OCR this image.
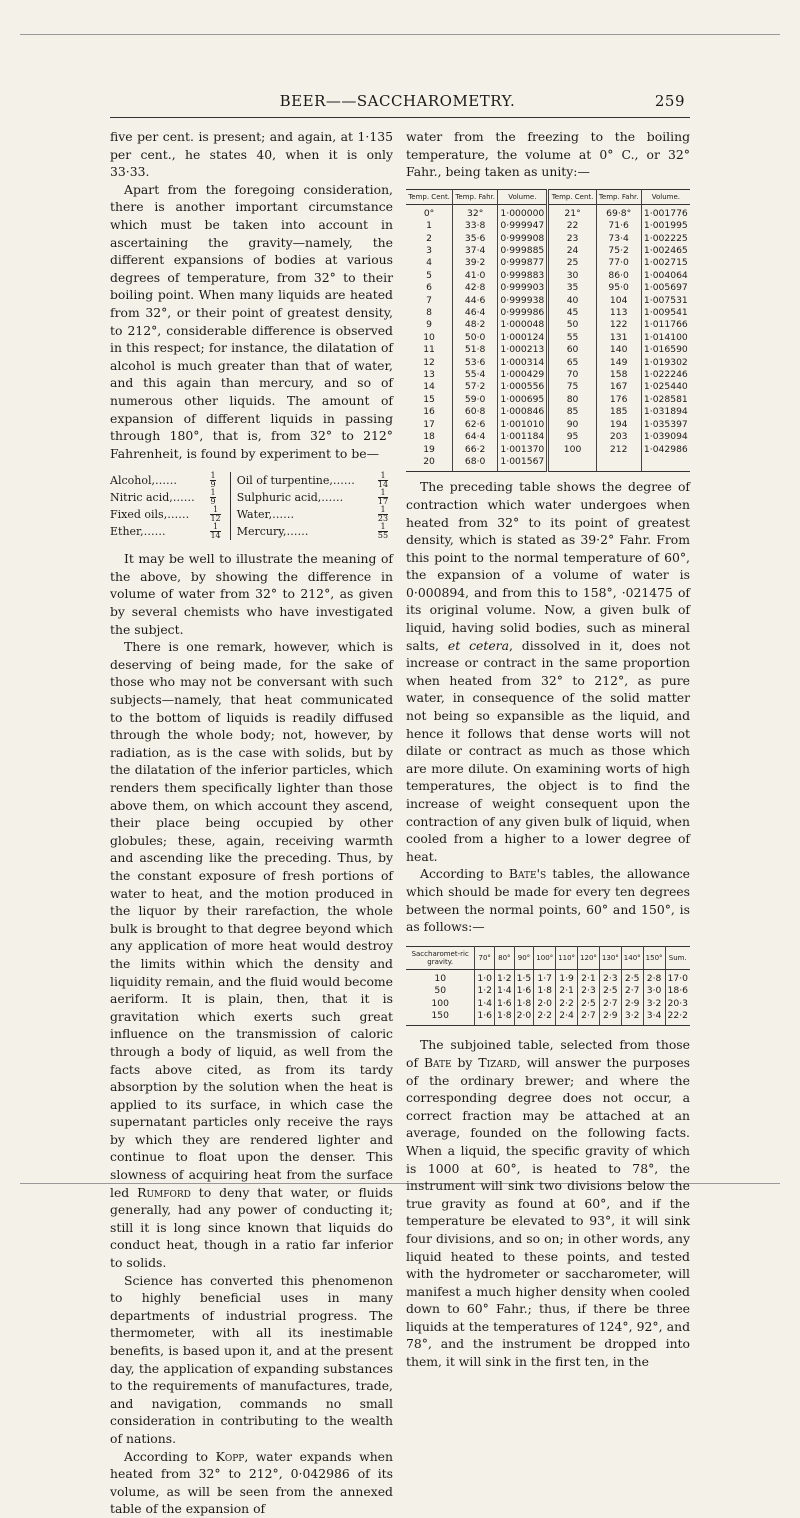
BEER——SACCHAROMETRY.	259

five per cent. is present; and again, at 1·135 per cent., he states 40, when it is only 33·33.

Apart from the foregoing consideration, there is another important circumstance which must be taken into account in ascertaining the gravity—namely, the different expansions of bodies at various degrees of temperature, from 32° to their boiling point. When many liquids are heated from 32°, or their point of greatest density, to 212°, considerable difference is observed in this respect; for instance, the dilatation of alcohol is much greater than that of water, and this again than mercury, and so of numerous other liquids. The amount of expansion of different liquids in passing through 180°, that is, from 32° to 212° Fahrenheit, is found by experiment to be—

Alcohol,……	$\frac{1}{9}$	Oil of turpentine,……	$\frac{1}{14}$

Nitric acid,……	$\frac{1}{9}$	Sulphuric acid,……	$\frac{1}{17}$

Fixed oils,……	$\frac{1}{12}$	Water,……	$\frac{1}{23}$

Ether,……	$\frac{1}{14}$	Mercury,……	$\frac{1}{55}$

It may be well to illustrate the meaning of the above, by showing the difference in volume of water from 32° to 212°, as given by several chemists who have investigated the subject.

There is one remark, however, which is deserving of being made, for the sake of those who may not be conversant with such subjects—namely, that heat communicated to the bottom of liquids is readily diffused through the whole body; not, however, by radiation, as is the case with solids, but by the dilatation of the inferior particles, which renders them specifically lighter than those above them, on which account they ascend, their place being occupied by other globules; these, again, receiving warmth and ascending like the preceding. Thus, by the constant exposure of fresh portions of water to heat, and the motion produced in the liquor by their rarefaction, the whole bulk is brought to that degree beyond which any application of more heat would destroy the limits within which the density and liquidity remain, and the fluid would become aeriform. It is plain, then, that it is gravitation which exerts such great influence on the transmission of caloric through a body of liquid, as well from the facts above cited, as from its tardy absorption by the solution when the heat is applied to its surface, in which case the supernatant particles only receive the rays by which they are rendered lighter and continue to float upon the denser. This slowness of acquiring heat from the surface led Rumford to deny that water, or fluids generally, had any power of conducting it; still it is long since known that liquids do conduct heat, though in a ratio far inferior to solids.

Science has converted this phenomenon to highly beneficial uses in many departments of industrial progress. The thermometer, with all its inestimable benefits, is based upon it, and at the present day, the application of expanding substances to the requirements of manufactures, trade, and navigation, commands no small consideration in contributing to the wealth of nations.

According to Kopp, water expands when heated from 32° to 212°, 0·042986 of its volume, as will be seen from the annexed table of the expansion of

water from the freezing to the boiling temperature, the volume at 0° C., or 32° Fahr., being taken as unity:—

Temp. Cent.	Temp. Fahr.	Volume.	Temp. Cent.	Temp. Fahr.	Volume.
0°	32°	1·000000	21°	69·8°	1·001776
1	33·8	0·999947	22	71·6	1·001995
2	35·6	0·999908	23	73·4	1·002225
3	37·4	0·999885	24	75·2	1·002465
4	39·2	0·999877	25	77·0	1·002715
5	41·0	0·999883	30	86·0	1·004064
6	42·8	0·999903	35	95·0	1·005697
7	44·6	0·999938	40	104	1·007531
8	46·4	0·999986	45	113	1·009541
9	48·2	1·000048	50	122	1·011766
10	50·0	1·000124	55	131	1·014100
11	51·8	1·000213	60	140	1·016590
12	53·6	1·000314	65	149	1·019302
13	55·4	1·000429	70	158	1·022246
14	57·2	1·000556	75	167	1·025440
15	59·0	1·000695	80	176	1·028581
16	60·8	1·000846	85	185	1·031894
17	62·6	1·001010	90	194	1·035397
18	64·4	1·001184	95	203	1·039094
19	66·2	1·001370	100	212	1·042986
20	68·0	1·001567			

The preceding table shows the degree of contraction which water undergoes when heated from 32° to its point of greatest density, which is stated as 39·2° Fahr. From this point to the normal temperature of 60°, the expansion of a volume of water is 0·000894, and from this to 158°, ·021475 of its original volume. Now, a given bulk of liquid, having solid bodies, such as mineral salts, et cetera, dissolved in it, does not increase or contract in the same proportion when heated from 32° to 212°, as pure water, in consequence of the solid matter not being so expansible as the liquid, and hence it follows that dense worts will not dilate or contract as much as those which are more dilute. On examining worts of high temperatures, the object is to find the increase of weight consequent upon the contraction of any given bulk of liquid, when cooled from a higher to a lower degree of heat.

According to Bate's tables, the allowance which should be made for every ten degrees between the normal points, 60° and 150°, is as follows:—

Saccharomet-ric gravity.	70°	80°	90°	100°	110°	120°	130°	140°	150°	Sum.
10	1·0	1·2	1·5	1·7	1·9	2·1	2·3	2·5	2·8	17·0
50	1·2	1·4	1·6	1·8	2·1	2·3	2·5	2·7	3·0	18·6
100	1·4	1·6	1·8	2·0	2·2	2·5	2·7	2·9	3·2	20·3
150	1·6	1·8	2·0	2·2	2·4	2·7	2·9	3·2	3·4	22·2

The subjoined table, selected from those of Bate by Tizard, will answer the purposes of the ordinary brewer; and where the corresponding degree does not occur, a correct fraction may be attached at an average, founded on the following facts. When a liquid, the specific gravity of which is 1000 at 60°, is heated to 78°, the instrument will sink two divisions below the true gravity as found at 60°, and if the temperature be elevated to 93°, it will sink four divisions, and so on; in other words, any liquid heated to these points, and tested with the hydrometer or saccharometer, will manifest a much higher density when cooled down to 60° Fahr.; thus, if there be three liquids at the temperatures of 124°, 92°, and 78°, and the instrument be dropped into them, it will sink in the first ten, in the
